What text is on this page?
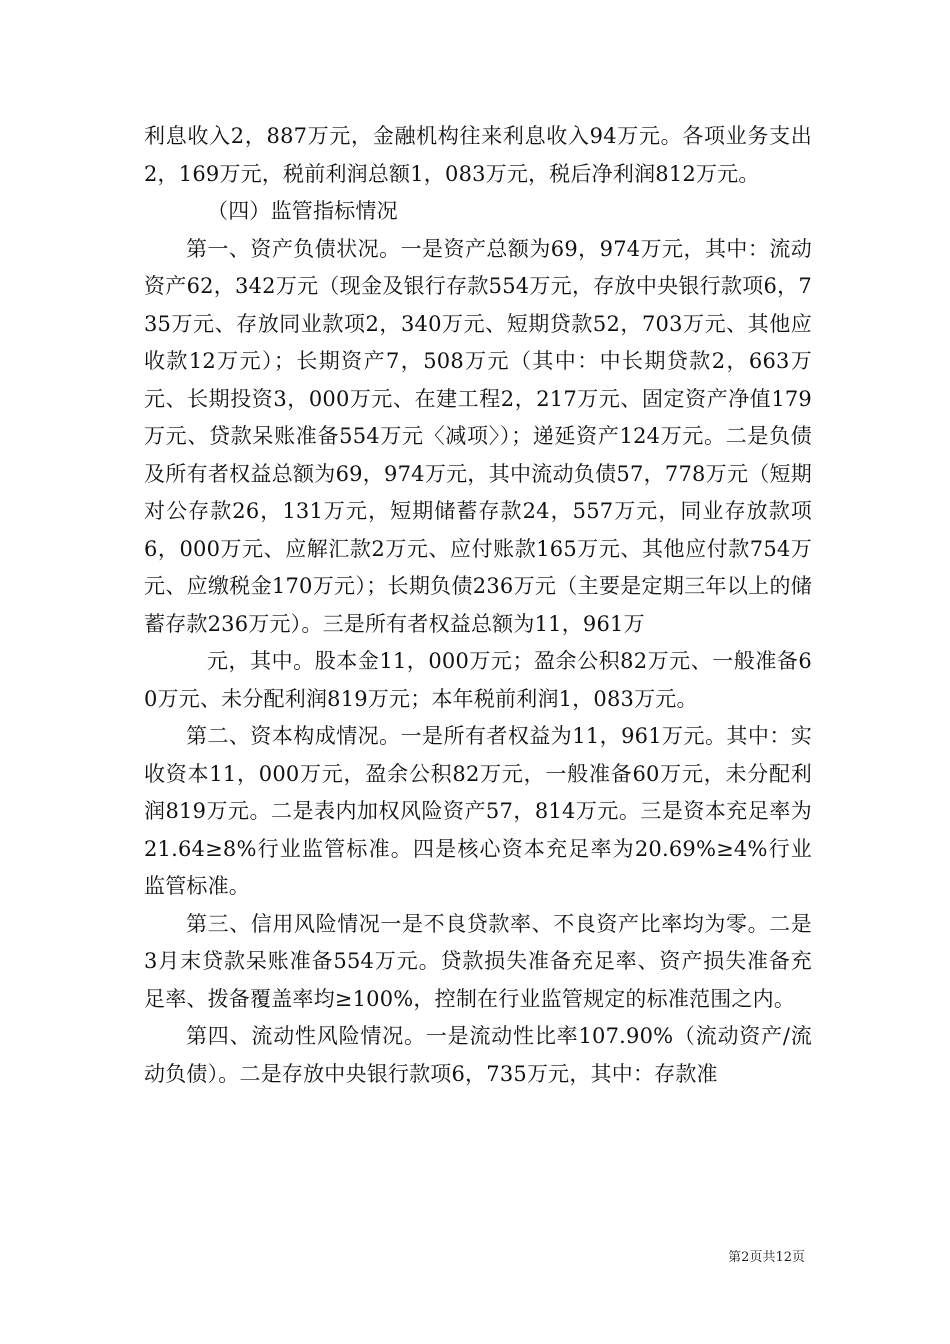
利息收入2，887万元，金融机构往来利息收入94万元。各项业务支出2，169万元，税前利润总额1，083万元，税后净利润812万元。

（四）监管指标情况

第一、资产负债状况。一是资产总额为69，974万元，其中：流动资产62，342万元（现金及银行存款554万元，存放中央银行款项6，735万元、存放同业款项2，340万元、短期贷款52，703万元、其他应收款12万元）；长期资产7，508万元（其中：中长期贷款2，663万元、长期投资3，000万元、在建工程2，217万元、固定资产净值179万元、贷款呆账准备554万元〈减项〉）；递延资产124万元。二是负债及所有者权益总额为69，974万元，其中流动负债57，778万元（短期对公存款26，131万元，短期储蓄存款24，557万元，同业存放款项6，000万元、应解汇款2万元、应付账款165万元、其他应付款754万元、应缴税金170万元）；长期负债236万元（主要是定期三年以上的储蓄存款236万元）。三是所有者权益总额为11，961万

元，其中。股本金11，000万元；盈余公积82万元、一般准备60万元、未分配利润819万元；本年税前利润1，083万元。

第二、资本构成情况。一是所有者权益为11，961万元。其中：实收资本11，000万元，盈余公积82万元，一般准备60万元，未分配利润819万元。二是表内加权风险资产57，814万元。三是资本充足率为21.64≥8%行业监管标准。四是核心资本充足率为20.69%≥4%行业监管标准。

第三、信用风险情况一是不良贷款率、不良资产比率均为零。二是3月末贷款呆账准备554万元。贷款损失准备充足率、资产损失准备充足率、拨备覆盖率均≥100%，控制在行业监管规定的标准范围之内。

第四、流动性风险情况。一是流动性比率107.90%（流动资产/流动负债）。二是存放中央银行款项6，735万元，其中：存款准

第2页共12页
